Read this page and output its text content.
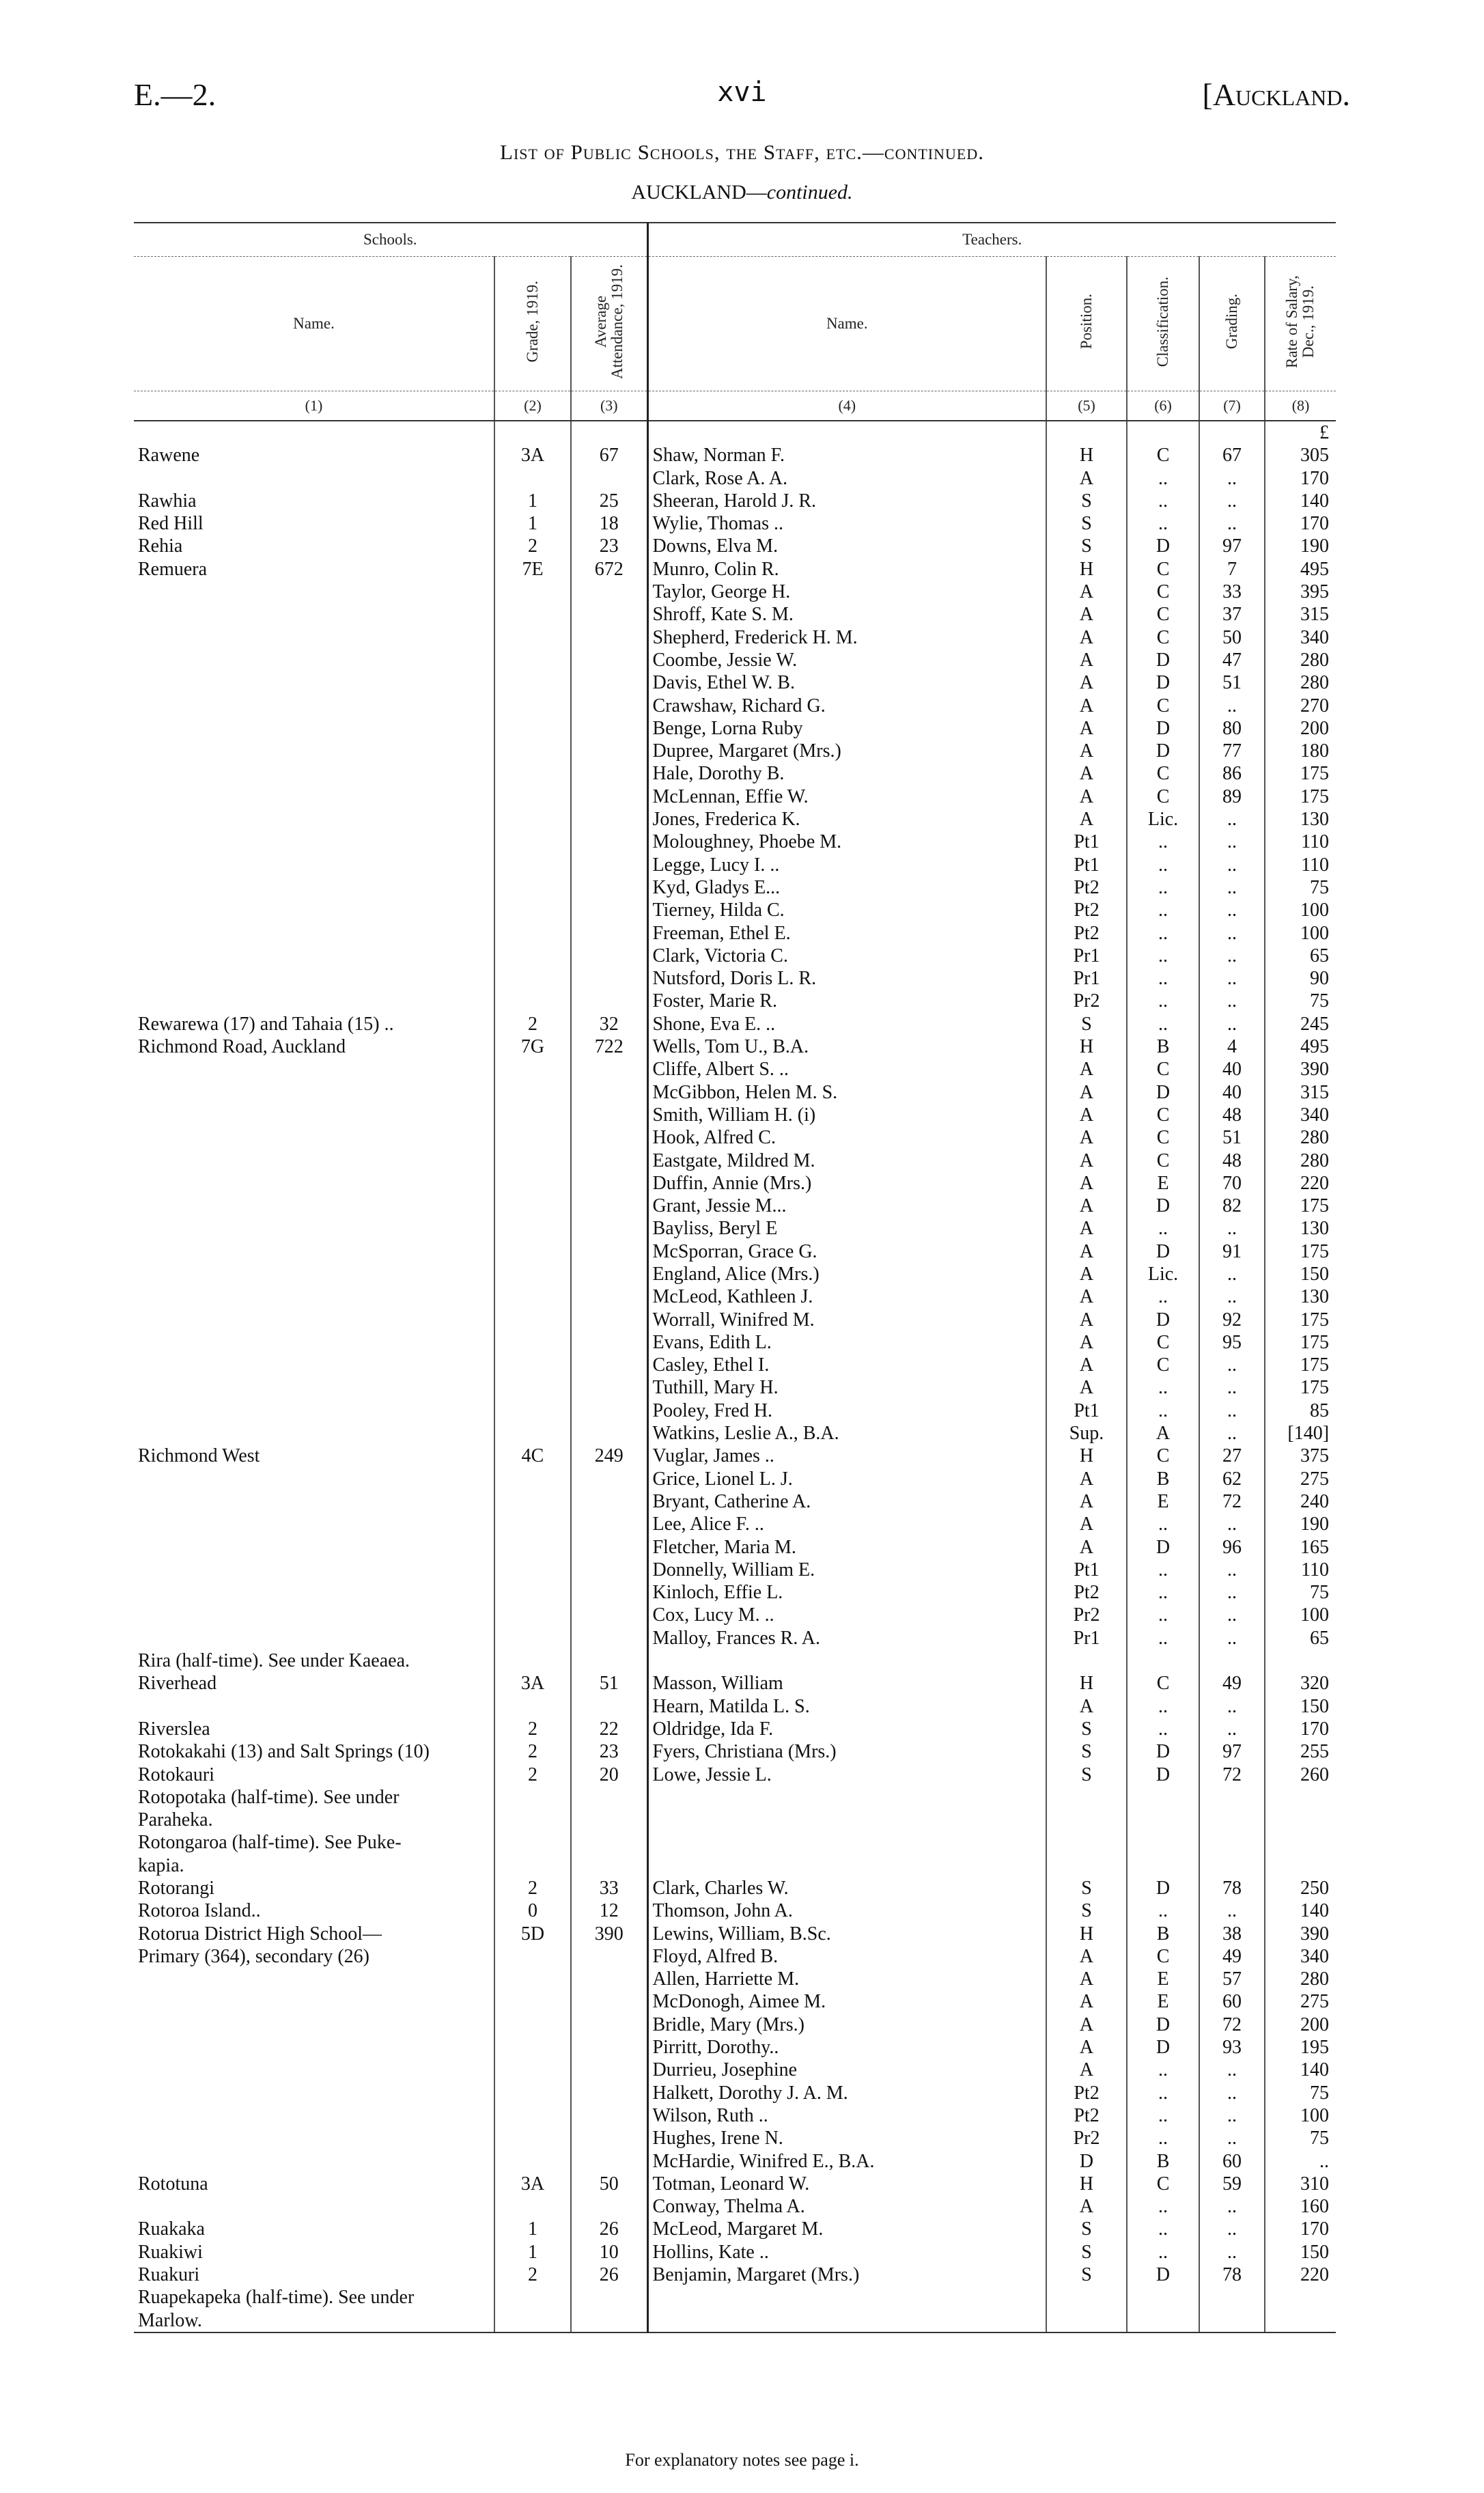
E.—2.	xvi	[Auckland.
List of Public Schools, the Staff, etc.—continued.
AUCKLAND—continued.
Schools.			Teachers.				
Name.	Grade, 1919.	Average Attendance, 1919.	Name.	Position.	Classification.	Grading.	Rate of Salary, Dec., 1919.
(1)	(2)	(3)	(4)	(5)	(6)	(7)	(8)
							£
Rawene	3A	67	Shaw, Norman F.	H	C	67	305
			Clark, Rose A. A.	A	..	..	170
Rawhia	1	25	Sheeran, Harold J. R.	S	..	..	140
Red Hill	1	18	Wylie, Thomas ..	S	..	..	170
Rehia	2	23	Downs, Elva M.	S	D	97	190
Remuera	7E	672	Munro, Colin R.	H	C	7	495
			Taylor, George H.	A	C	33	395
			Shroff, Kate S. M.	A	C	37	315
			Shepherd, Frederick H. M.	A	C	50	340
			Coombe, Jessie W.	A	D	47	280
			Davis, Ethel W. B.	A	D	51	280
			Crawshaw, Richard G.	A	C	..	270
			Benge, Lorna Ruby	A	D	80	200
			Dupree, Margaret (Mrs.)	A	D	77	180
			Hale, Dorothy B.	A	C	86	175
			McLennan, Effie W.	A	C	89	175
			Jones, Frederica K.	A	Lic.	..	130
			Moloughney, Phoebe M.	Pt1	..	..	110
			Legge, Lucy I. ..	Pt1	..	..	110
			Kyd, Gladys E...	Pt2	..	..	75
			Tierney, Hilda C.	Pt2	..	..	100
			Freeman, Ethel E.	Pt2	..	..	100
			Clark, Victoria C.	Pr1	..	..	65
			Nutsford, Doris L. R.	Pr1	..	..	90
			Foster, Marie R.	Pr2	..	..	75
Rewarewa (17) and Tahaia (15) ..	2	32	Shone, Eva E. ..	S	..	..	245
Richmond Road, Auckland	7G	722	Wells, Tom U., B.A.	H	B	4	495
			Cliffe, Albert S. ..	A	C	40	390
			McGibbon, Helen M. S.	A	D	40	315
			Smith, William H. (i)	A	C	48	340
			Hook, Alfred C.	A	C	51	280
			Eastgate, Mildred M.	A	C	48	280
			Duffin, Annie (Mrs.)	A	E	70	220
			Grant, Jessie M...	A	D	82	175
			Bayliss, Beryl E	A	..	..	130
			McSporran, Grace G.	A	D	91	175
			England, Alice (Mrs.)	A	Lic.	..	150
			McLeod, Kathleen J.	A	..	..	130
			Worrall, Winifred M.	A	D	92	175
			Evans, Edith L.	A	C	95	175
			Casley, Ethel I.	A	C	..	175
			Tuthill, Mary H.	A	..	..	175
			Pooley, Fred H.	Pt1	..	..	85
			Watkins, Leslie A., B.A.	Sup.	A	..	[140]
Richmond West	4C	249	Vuglar, James ..	H	C	27	375
			Grice, Lionel L. J.	A	B	62	275
			Bryant, Catherine A.	A	E	72	240
			Lee, Alice F. ..	A	..	..	190
			Fletcher, Maria M.	A	D	96	165
			Donnelly, William E.	Pt1	..	..	110
			Kinloch, Effie L.	Pt2	..	..	75
			Cox, Lucy M. ..	Pr2	..	..	100
			Malloy, Frances R. A.	Pr1	..	..	65
Rira (half-time). See under Kaeaea.							
Riverhead	3A	51	Masson, William	H	C	49	320
			Hearn, Matilda L. S.	A	..	..	150
Riverslea	2	22	Oldridge, Ida F.	S	..	..	170
Rotokakahi (13) and Salt Springs (10)	2	23	Fyers, Christiana (Mrs.)	S	D	97	255
Rotokauri	2	20	Lowe, Jessie L.	S	D	72	260
Rotopotaka (half-time). See under							
Paraheka.							
Rotongaroa (half-time). See Puke-							
kapia.							
Rotorangi	2	33	Clark, Charles W.	S	D	78	250
Rotoroa Island..	0	12	Thomson, John A.	S	..	..	140
Rotorua District High School—	5D	390	Lewins, William, B.Sc.	H	B	38	390
Primary (364), secondary (26)			Floyd, Alfred B.	A	C	49	340
			Allen, Harriette M.	A	E	57	280
			McDonogh, Aimee M.	A	E	60	275
			Bridle, Mary (Mrs.)	A	D	72	200
			Pirritt, Dorothy..	A	D	93	195
			Durrieu, Josephine	A	..	..	140
			Halkett, Dorothy J. A. M.	Pt2	..	..	75
			Wilson, Ruth ..	Pt2	..	..	100
			Hughes, Irene N.	Pr2	..	..	75
			McHardie, Winifred E., B.A.	D	B	60	..
Rototuna	3A	50	Totman, Leonard W.	H	C	59	310
			Conway, Thelma A.	A	..	..	160
Ruakaka	1	26	McLeod, Margaret M.	S	..	..	170
Ruakiwi	1	10	Hollins, Kate ..	S	..	..	150
Ruakuri	2	26	Benjamin, Margaret (Mrs.)	S	D	78	220
Ruapekapeka (half-time). See under							
Marlow.							
For explanatory notes see page i.
